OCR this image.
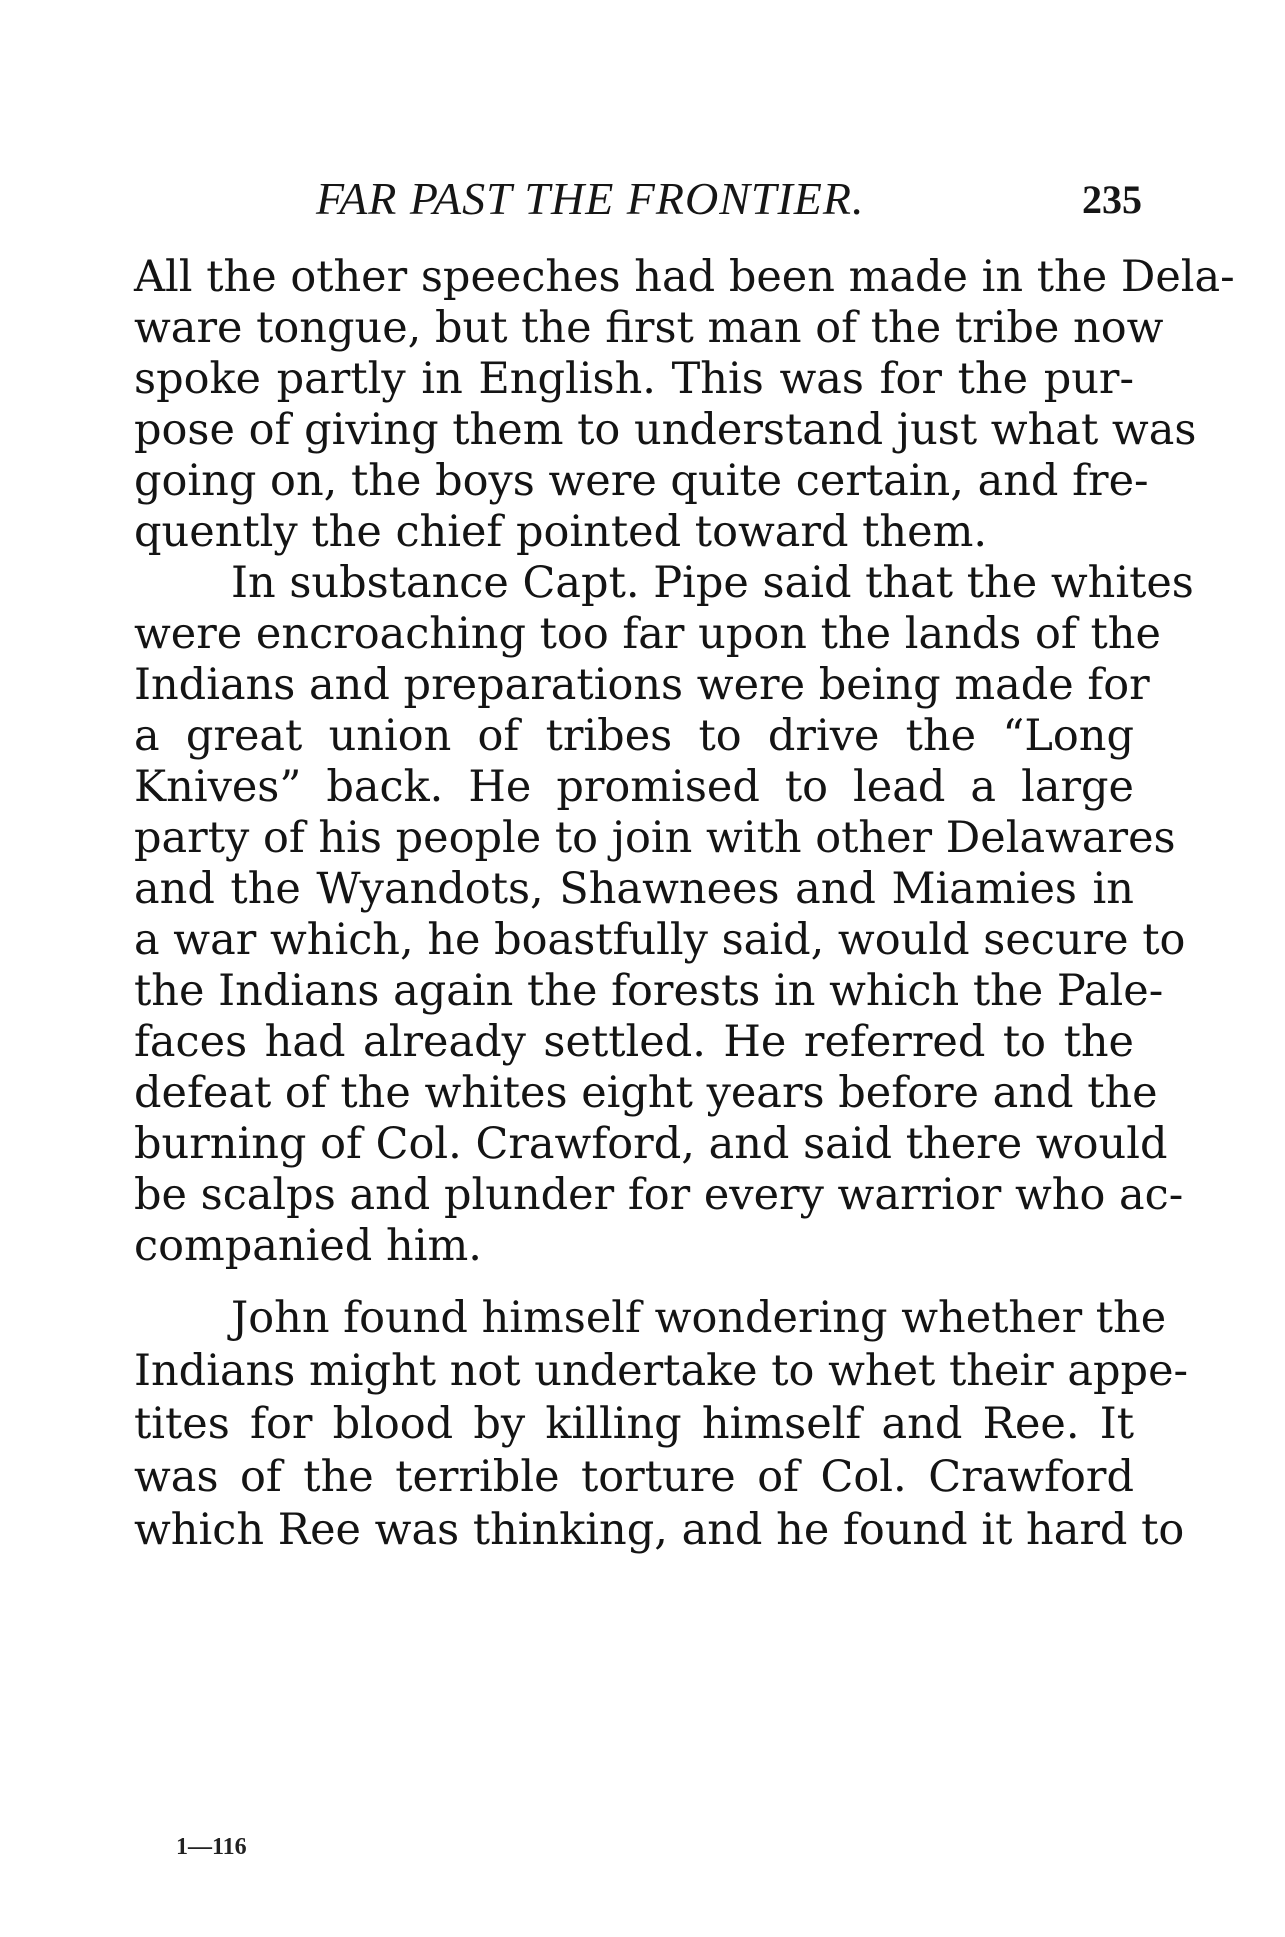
FAR PAST THE FRONTIER.	235
All the other speeches had been made in the Dela-
ware tongue, but the first man of the tribe now
spoke partly in English. This was for the pur-
pose of giving them to understand just what was
going on, the boys were quite certain, and fre-
quently the chief pointed toward them.
In substance Capt. Pipe said that the whites
were encroaching too far upon the lands of the
Indians and preparations were being made for
a great union of tribes to drive the “Long
Knives” back. He promised to lead a large
party of his people to join with other Delawares
and the Wyandots, Shawnees and Miamies in
a war which, he boastfully said, would secure to
the Indians again the forests in which the Pale-
faces had already settled. He referred to the
defeat of the whites eight years before and the
burning of Col. Crawford, and said there would
be scalps and plunder for every warrior who ac-
companied him.
John found himself wondering whether the
Indians might not undertake to whet their appe-
tites for blood by killing himself and Ree. It
was of the terrible torture of Col. Crawford
which Ree was thinking, and he found it hard to
1—116
